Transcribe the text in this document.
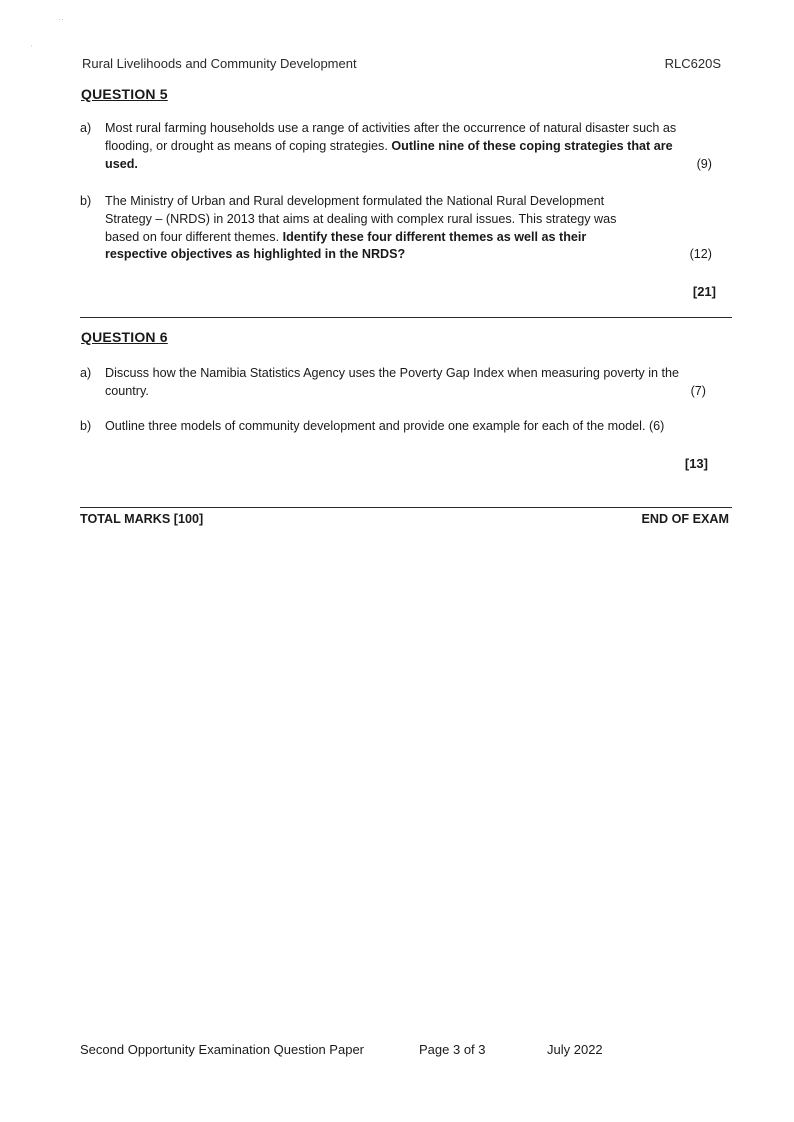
··
ˊ
Rural Livelihoods and Community Development	RLC620S
QUESTION 5
a) Most rural farming households use a range of activities after the occurrence of natural disaster such as flooding, or drought as means of coping strategies. Outline nine of these coping strategies that are used.	(9)
b) The Ministry of Urban and Rural development formulated the National Rural Development Strategy – (NRDS) in 2013 that aims at dealing with complex rural issues. This strategy was based on four different themes. Identify these four different themes as well as their respective objectives as highlighted in the NRDS?	(12)
[21]
QUESTION 6
a) Discuss how the Namibia Statistics Agency uses the Poverty Gap Index when measuring poverty in the country.	(7)
b) Outline three models of community development and provide one example for each of the model. (6)
[13]
TOTAL MARKS [100]	END OF EXAM
Second Opportunity Examination Question Paper	Page 3 of 3	July 2022
